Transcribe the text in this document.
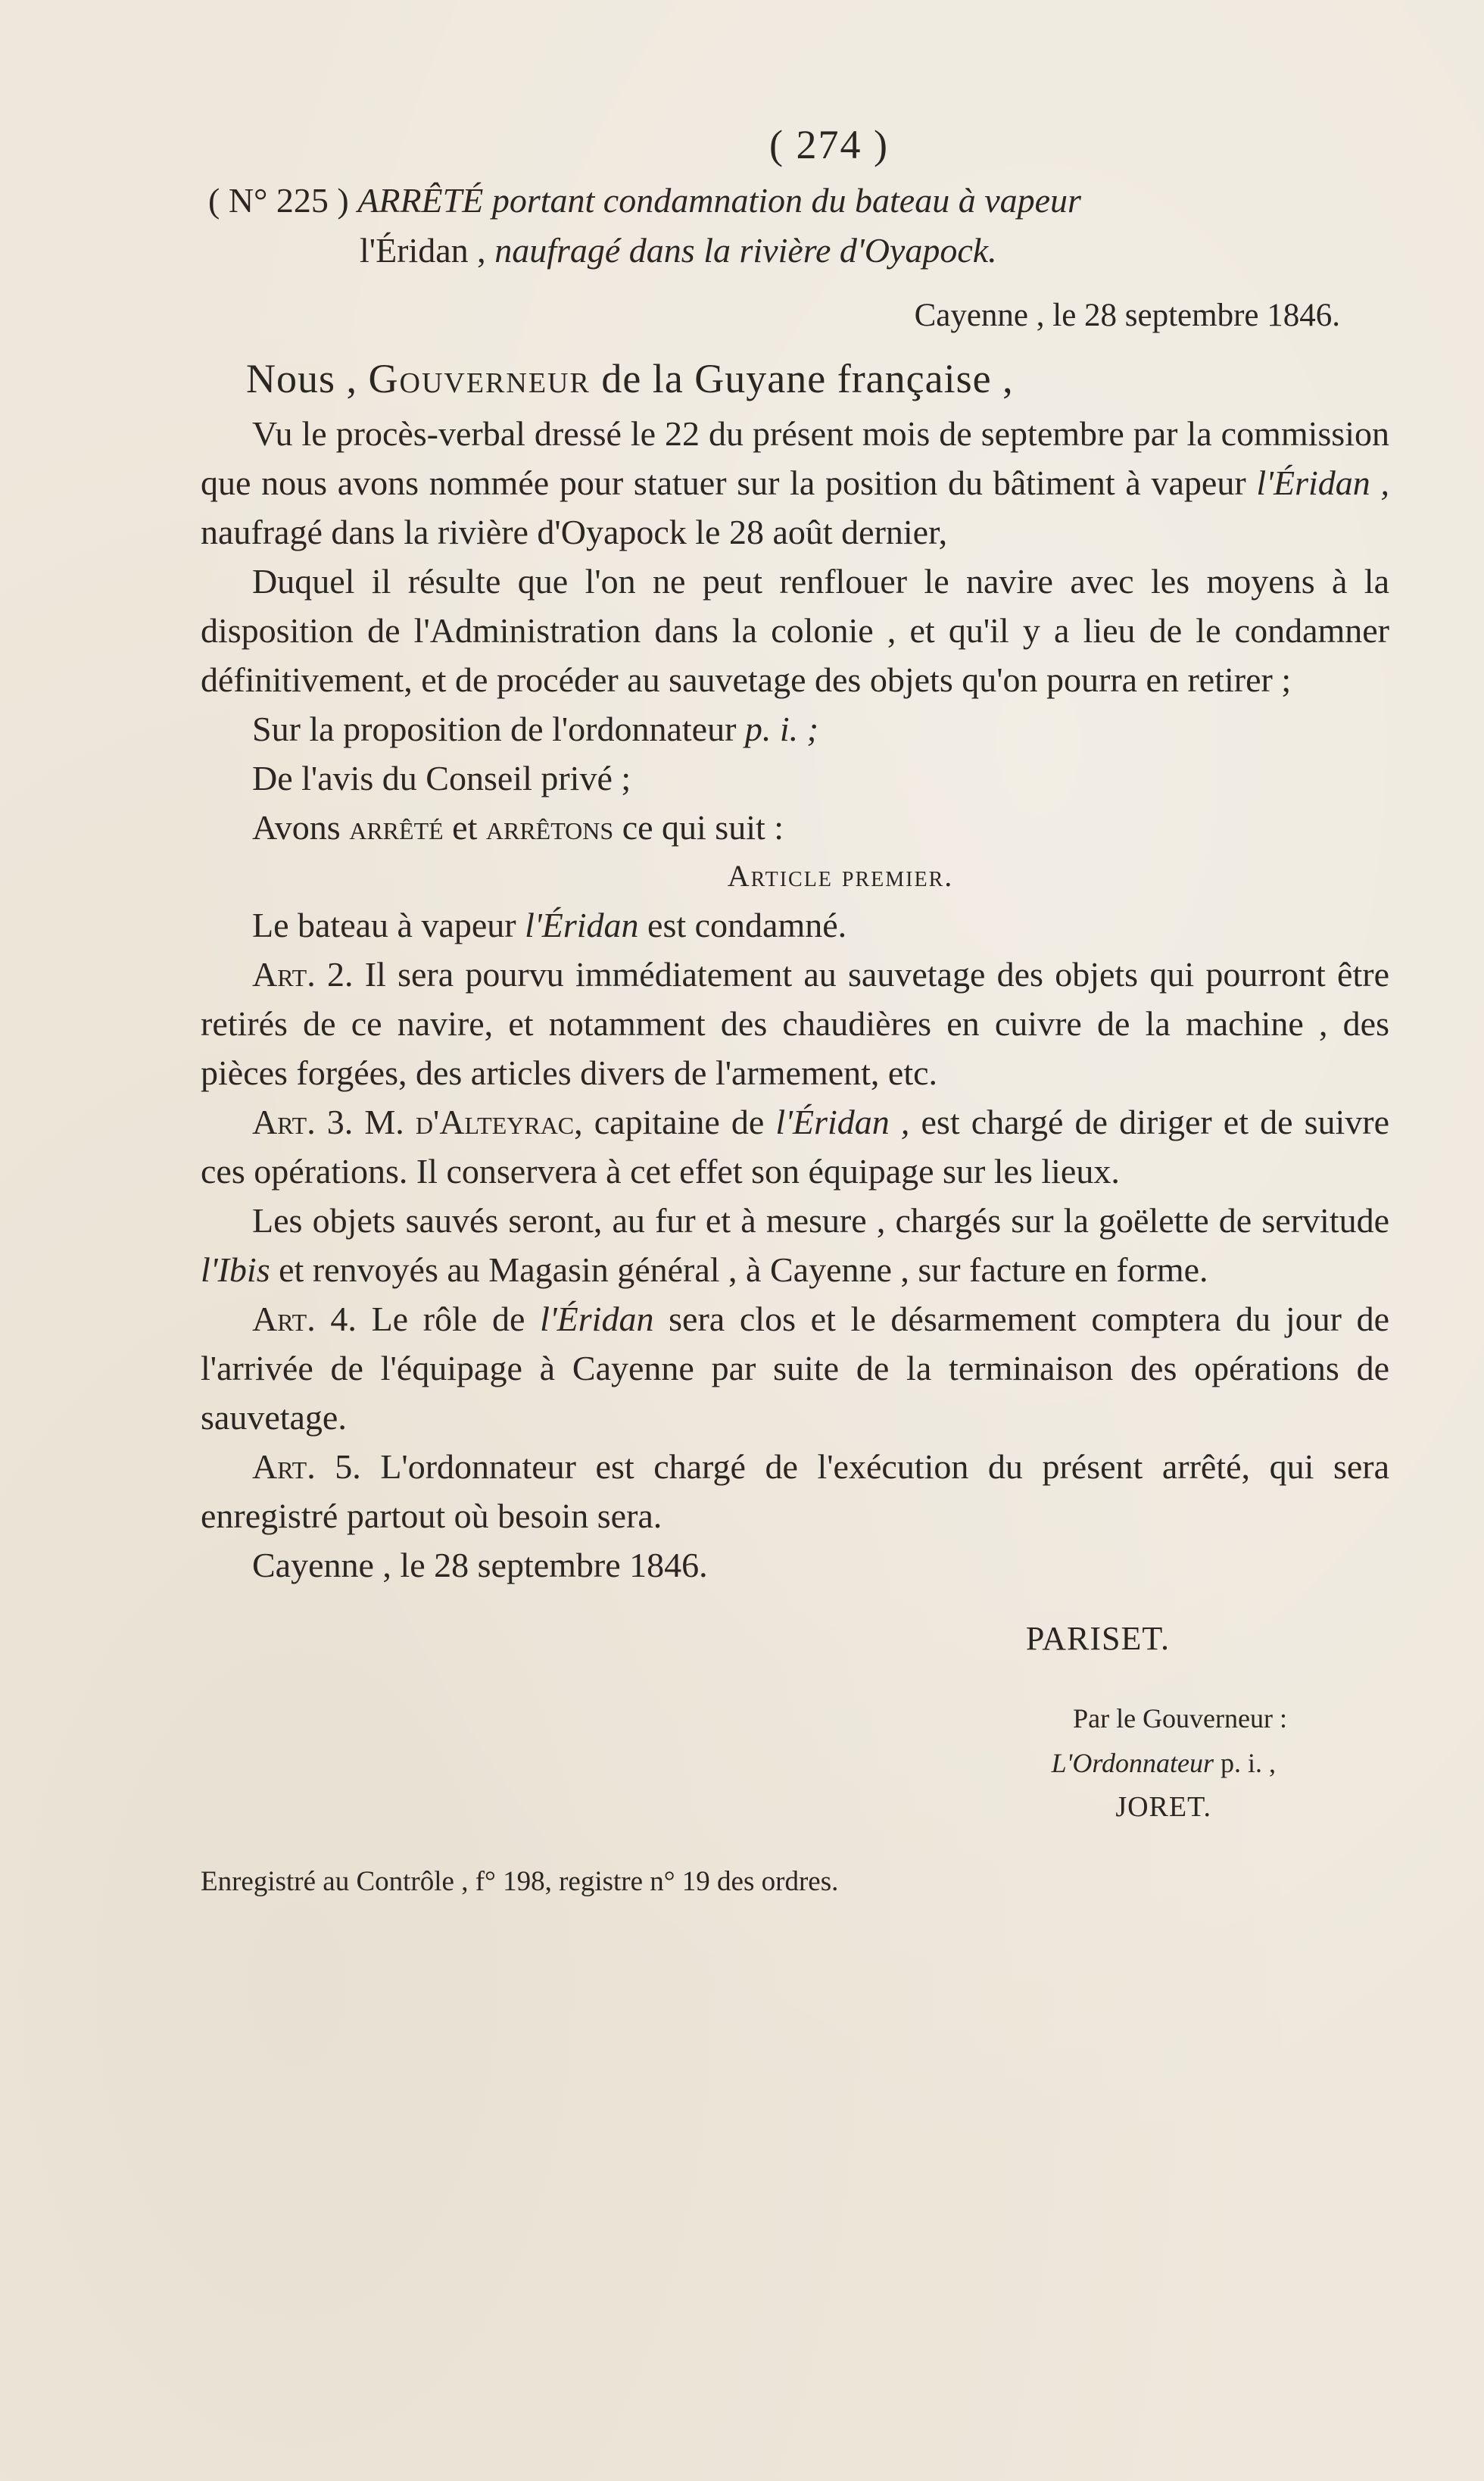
( 274 )
( N° 225 ) ARRÊTÉ portant condamnation du bateau à vapeur
l'Éridan , naufragé dans la rivière d'Oyapock.
Cayenne , le 28 septembre 1846.
Nous , Gouverneur de la Guyane française ,

Vu le procès-verbal dressé le 22 du présent mois de septembre par la commission que nous avons nommée pour statuer sur la position du bâtiment à vapeur l'Éridan , naufragé dans la rivière d'Oyapock le 28 août dernier,

Duquel il résulte que l'on ne peut renflouer le navire avec les moyens à la disposition de l'Administration dans la colonie , et qu'il y a lieu de le condamner définitivement, et de procéder au sauvetage des objets qu'on pourra en retirer ;

Sur la proposition de l'ordonnateur p. i. ;

De l'avis du Conseil privé ;

Avons arrêté et arrêtons ce qui suit :

Article premier.

Le bateau à vapeur l'Éridan est condamné.

Art. 2. Il sera pourvu immédiatement au sauvetage des objets qui pourront être retirés de ce navire, et notamment des chaudières en cuivre de la machine , des pièces forgées, des articles divers de l'armement, etc.

Art. 3. M. d'Alteyrac, capitaine de l'Éridan , est chargé de diriger et de suivre ces opérations. Il conservera à cet effet son équipage sur les lieux.

Les objets sauvés seront, au fur et à mesure , chargés sur la goëlette de servitude l'Ibis et renvoyés au Magasin général , à Cayenne , sur facture en forme.

Art. 4. Le rôle de l'Éridan sera clos et le désarmement comptera du jour de l'arrivée de l'équipage à Cayenne par suite de la terminaison des opérations de sauvetage.

Art. 5. L'ordonnateur est chargé de l'exécution du présent arrêté, qui sera enregistré partout où besoin sera.

Cayenne , le 28 septembre 1846.

PARISET.
Par le Gouverneur :
L'Ordonnateur p. i. ,
JORET.

Enregistré au Contrôle , f° 198, registre n° 19 des ordres.
